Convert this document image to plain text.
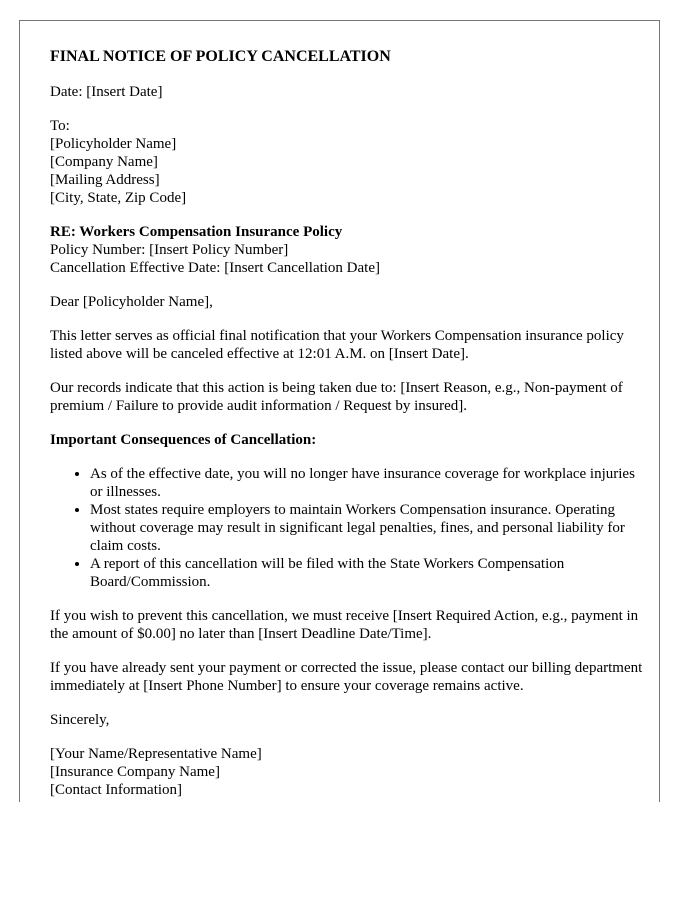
FINAL NOTICE OF POLICY CANCELLATION

Date: [Insert Date]

To:
[Policyholder Name]
[Company Name]
[Mailing Address]
[City, State, Zip Code]

RE: Workers Compensation Insurance Policy
Policy Number: [Insert Policy Number]
Cancellation Effective Date: [Insert Cancellation Date]

Dear [Policyholder Name],

This letter serves as official final notification that your Workers Compensation insurance policy listed above will be canceled effective at 12:01 A.M. on [Insert Date].

Our records indicate that this action is being taken due to: [Insert Reason, e.g., Non-payment of premium / Failure to provide audit information / Request by insured].

Important Consequences of Cancellation:

• As of the effective date, you will no longer have insurance coverage for workplace injuries or illnesses.
• Most states require employers to maintain Workers Compensation insurance. Operating without coverage may result in significant legal penalties, fines, and personal liability for claim costs.
• A report of this cancellation will be filed with the State Workers Compensation Board/Commission.

If you wish to prevent this cancellation, we must receive [Insert Required Action, e.g., payment in the amount of $0.00] no later than [Insert Deadline Date/Time].

If you have already sent your payment or corrected the issue, please contact our billing department immediately at [Insert Phone Number] to ensure your coverage remains active.

Sincerely,

[Your Name/Representative Name]
[Insurance Company Name]
[Contact Information]
